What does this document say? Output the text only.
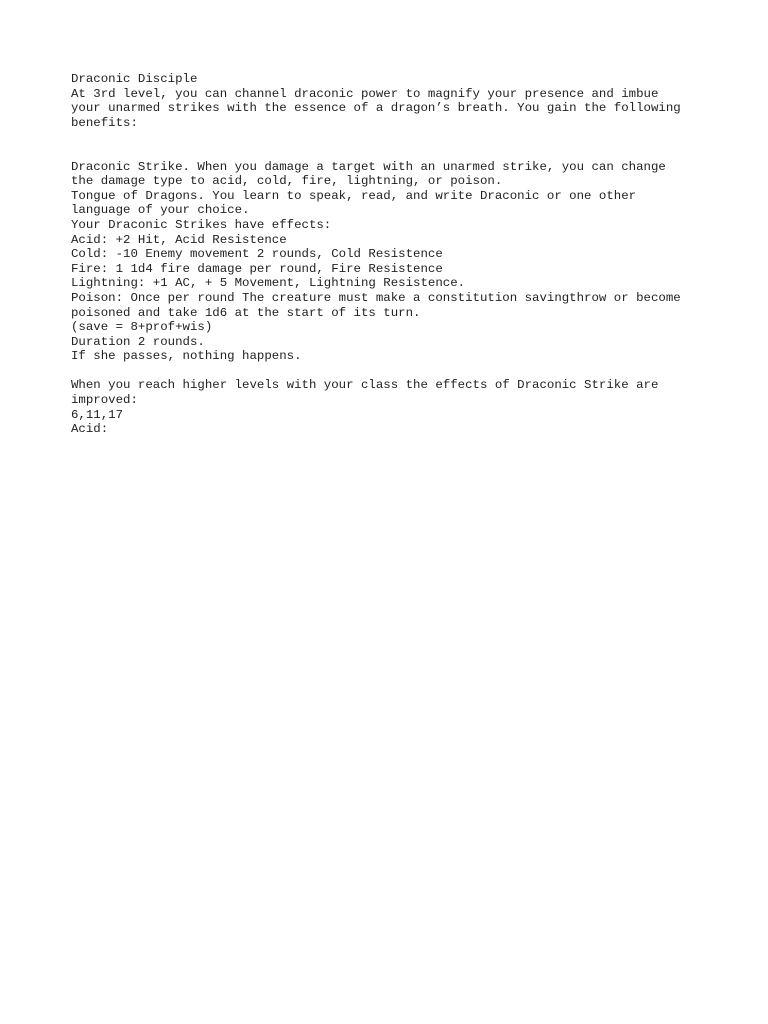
Draconic Disciple

At 3rd level, you can channel draconic power to magnify your presence and imbue

your unarmed strikes with the essence of a dragon’s breath. You gain the following

benefits:

Draconic Strike. When you damage a target with an unarmed strike, you can change

the damage type to acid, cold, fire, lightning, or poison.

Tongue of Dragons. You learn to speak, read, and write Draconic or one other

language of your choice.

Your Draconic Strikes have effects:

Acid: +2 Hit, Acid Resistence

Cold: -10 Enemy movement 2 rounds, Cold Resistence

Fire: 1 1d4 fire damage per round, Fire Resistence

Lightning: +1 AC, + 5 Movement, Lightning Resistence.

Poison: Once per round The creature must make a constitution savingthrow or become

poisoned and take 1d6 at the start of its turn.

(save = 8+prof+wis)

Duration 2 rounds.

If she passes, nothing happens.

When you reach higher levels with your class the effects of Draconic Strike are

improved:

6,11,17

Acid:
